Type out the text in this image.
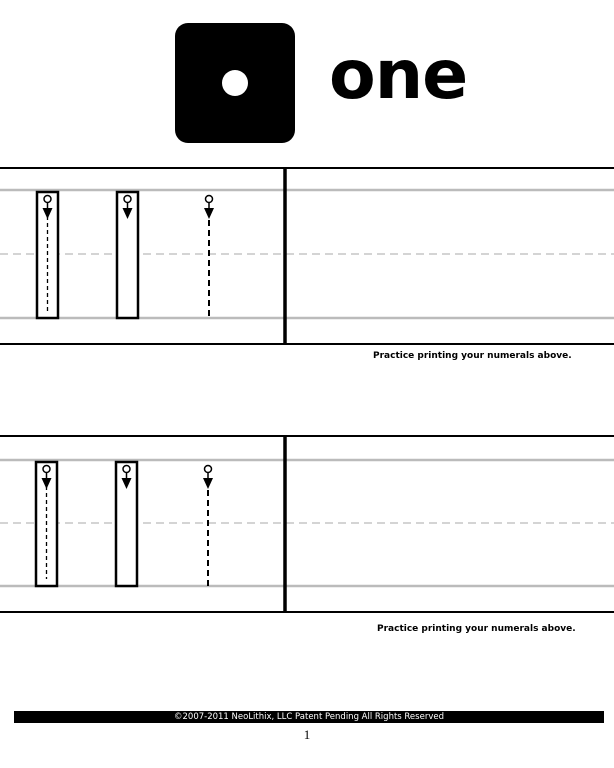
one
Practice printing your numerals above.
Practice printing your numerals above.
©2007-2011 NeoLithix, LLC Patent Pending All Rights Reserved
1
